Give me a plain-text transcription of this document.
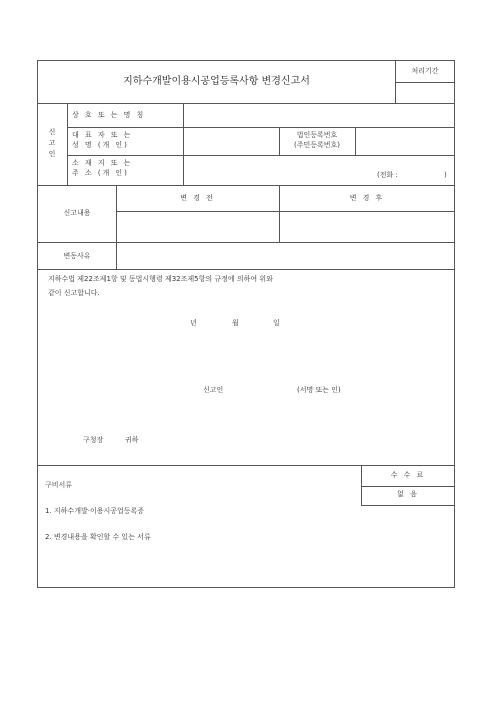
지하수개발이용시공업등록사항 변경신고서
처리기간
신고인
상 호 또 는 명 칭
대 표 자 또 는
성 명 (개 인)
법인등록번호
(주민등록번호)
소 재 지 또 는
주 소 (개 인)	(전화 :	)
신고내용
변 경 전	변 경 후
변동사유
지하수법 제22조제1항 및 동법시행령 제32조제5항의 규정에 의하여 위와
같이 신고합니다.
년	월	일
신고인	(서명 또는 인)
구청장	귀하
구비서류
1. 지하수개발·이용시공업등록증
2. 변경내용을 확인할 수 있는 서류
수 수 료
없 음
